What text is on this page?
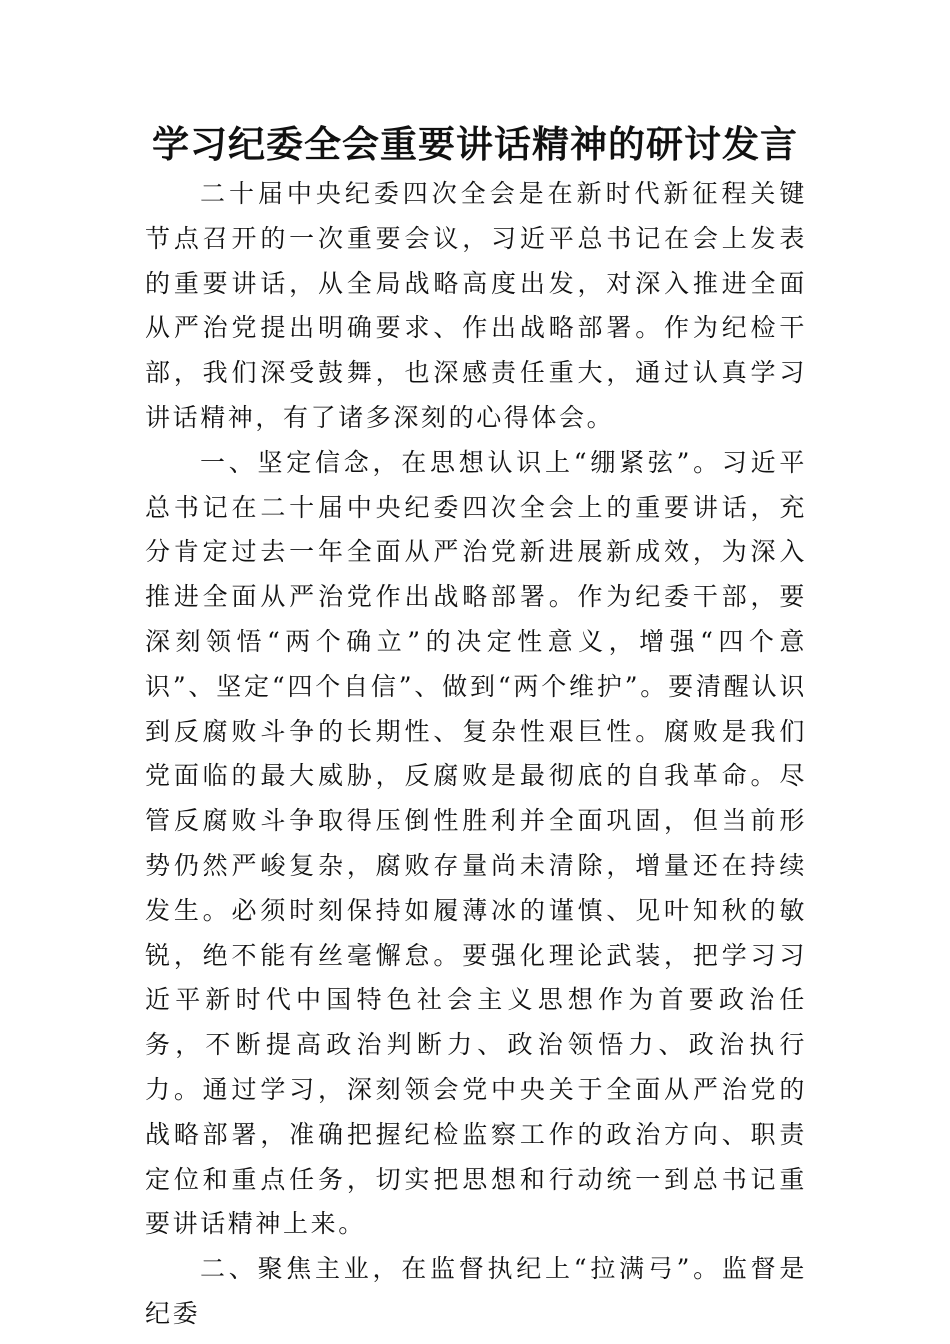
学习纪委全会重要讲话精神的研讨发言

二十届中央纪委四次全会是在新时代新征程关键节点召开的一次重要会议，习近平总书记在会上发表的重要讲话，从全局战略高度出发，对深入推进全面从严治党提出明确要求、作出战略部署。作为纪检干部，我们深受鼓舞，也深感责任重大，通过认真学习讲话精神，有了诸多深刻的心得体会。

一、坚定信念，在思想认识上“绷紧弦”。习近平总书记在二十届中央纪委四次全会上的重要讲话，充分肯定过去一年全面从严治党新进展新成效，为深入推进全面从严治党作出战略部署。作为纪委干部，要深刻领悟“两个确立”的决定性意义，增强“四个意识”、坚定“四个自信”、做到“两个维护”。要清醒认识到反腐败斗争的长期性、复杂性艰巨性。腐败是我们党面临的最大威胁，反腐败是最彻底的自我革命。尽管反腐败斗争取得压倒性胜利并全面巩固，但当前形势仍然严峻复杂，腐败存量尚未清除，增量还在持续发生。必须时刻保持如履薄冰的谨慎、见叶知秋的敏锐，绝不能有丝毫懈怠。要强化理论武装，把学习习近平新时代中国特色社会主义思想作为首要政治任务，不断提高政治判断力、政治领悟力、政治执行力。通过学习，深刻领会党中央关于全面从严治党的战略部署，准确把握纪检监察工作的政治方向、职责定位和重点任务，切实把思想和行动统一到总书记重要讲话精神上来。

二、聚焦主业，在监督执纪上“拉满弓”。监督是纪委
